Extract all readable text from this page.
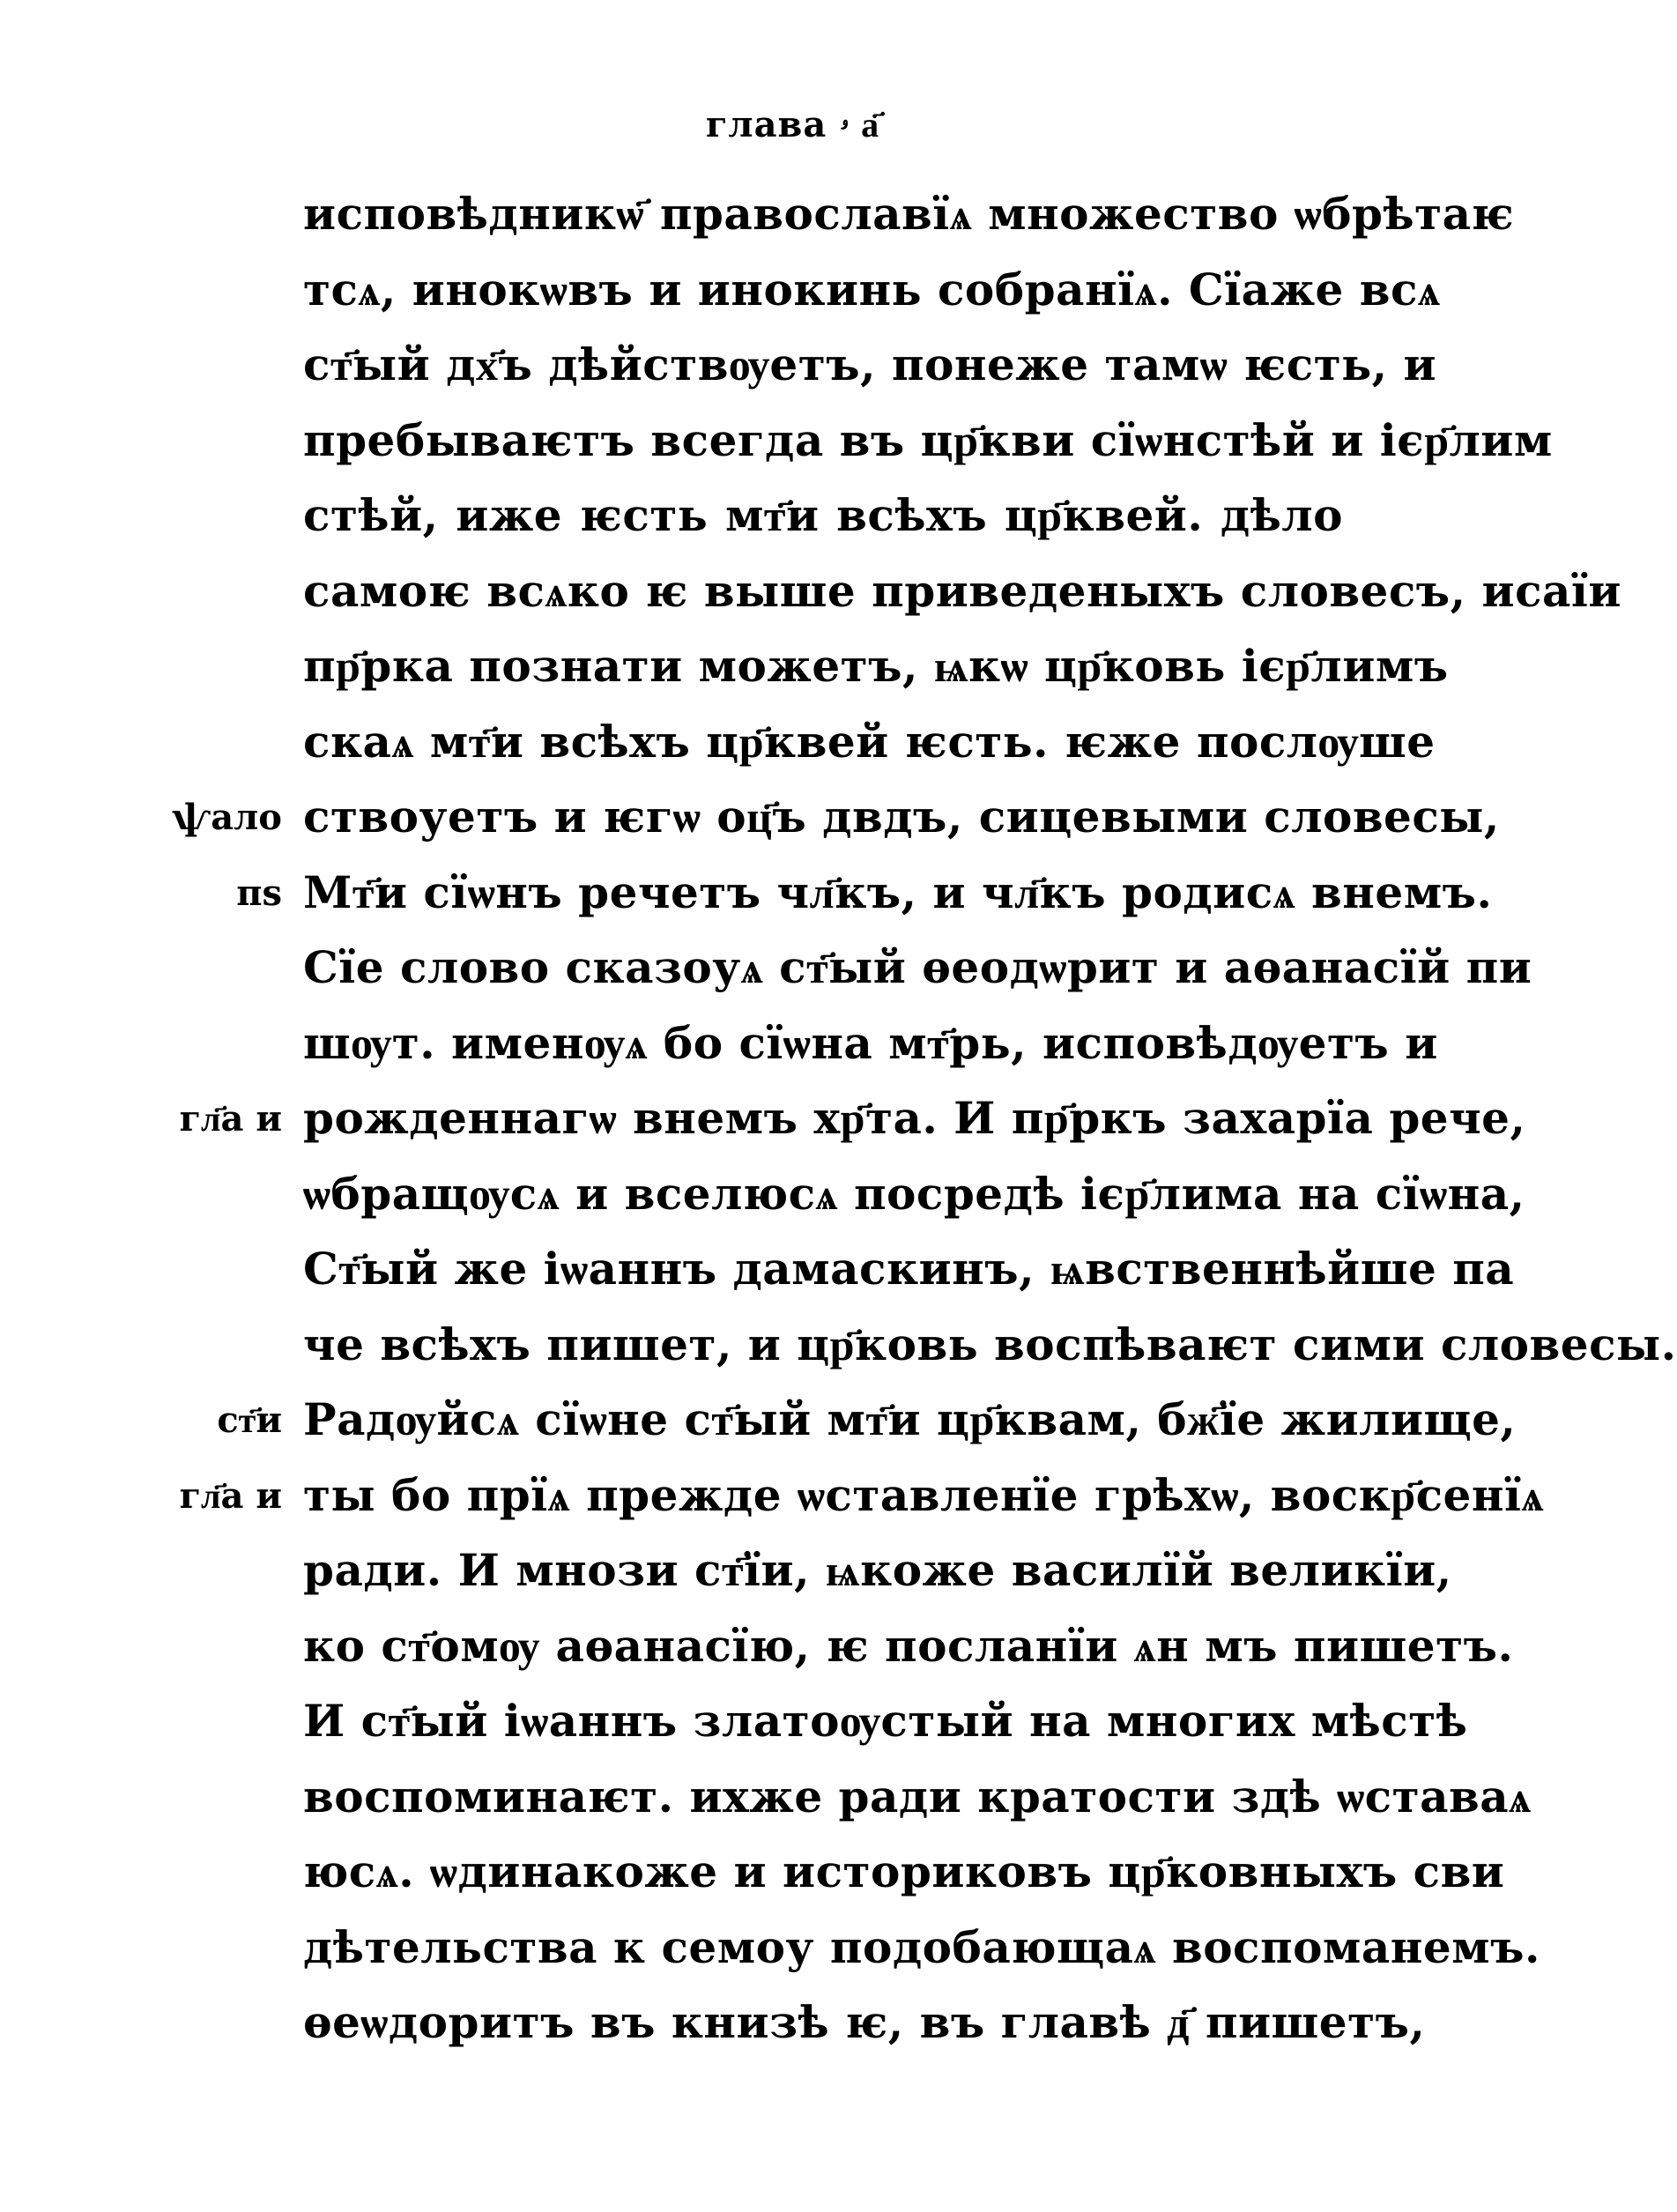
глава ۥ а҃
исповѣдникѡ҃ православїѧ множество ѡбрѣтаѥ
тсѧ, инокѡвъ и инокинь собранїѧ. Сїаже всѧ
ст҃ый дх҃ъ дѣйствѹетъ, понеже тамѡ ѥсть, и
пребываѥтъ всегда въ цр҃кви сїѡнстѣй и ієр҃лим
стѣй, иже ѥсть мт҃и всѣхъ цр҃квей. дѣло
самоѥ всѧко ѥ выше приведеныхъ словесъ, исаїи
пр҃рка познати можетъ, ѩкѡ цр҃ковь ієр҃лимъ
скаѧ мт҃и всѣхъ цр҃квей ѥсть. ѥже послѹше
ствоуетъ и ѥгѡ оц҃ъ двдъ, сицевыми словесы,
Мт҃и сїѡнъ речетъ чл҃къ, и чл҃къ родисѧ внемъ.
Сїе слово сказоуѧ ст҃ый ѳеодѡрит и аѳанасїй пи
шѹт. именѹѧ бо сїѡна мт҃рь, исповѣдѹетъ и
рожденнагѡ внемъ хр҃та. И пр҃ркъ захарїа рече,
ѡбращѹсѧ и вселюсѧ посредѣ ієр҃лима на сїѡна,
Ст҃ый же іѡаннъ дамаскинъ, ѩвственнѣйше па
че всѣхъ пишет, и цр҃ковь воспѣваѥт сими словесы.
Радѹйсѧ сїѡне ст҃ый мт҃и цр҃квам, бж҃їе жилище,
ты бо прїѧ прежде ѡставленїе грѣхѡ, воскр҃сенїѧ
ради. И мнози ст҃їи, ѩкоже василїй великїи,
ко ст҃омѹ аѳанасїю, ѥ посланїи ѧн мъ пишетъ.
И ст҃ый іѡаннъ златоѹстый на многих мѣстѣ
воспоминаѥт. ихже ради кратости здѣ ѡставаѧ
юсѧ. ѡдинакоже и историковъ цр҃ковныхъ сви
дѣтельства к семоу подобающаѧ воспоманемъ.
ѳеѡдоритъ въ книзѣ ѥ, въ главѣ д҃ пишетъ,
ѱало
пѕ
гл҃а и
ст҃и
гл҃а и
